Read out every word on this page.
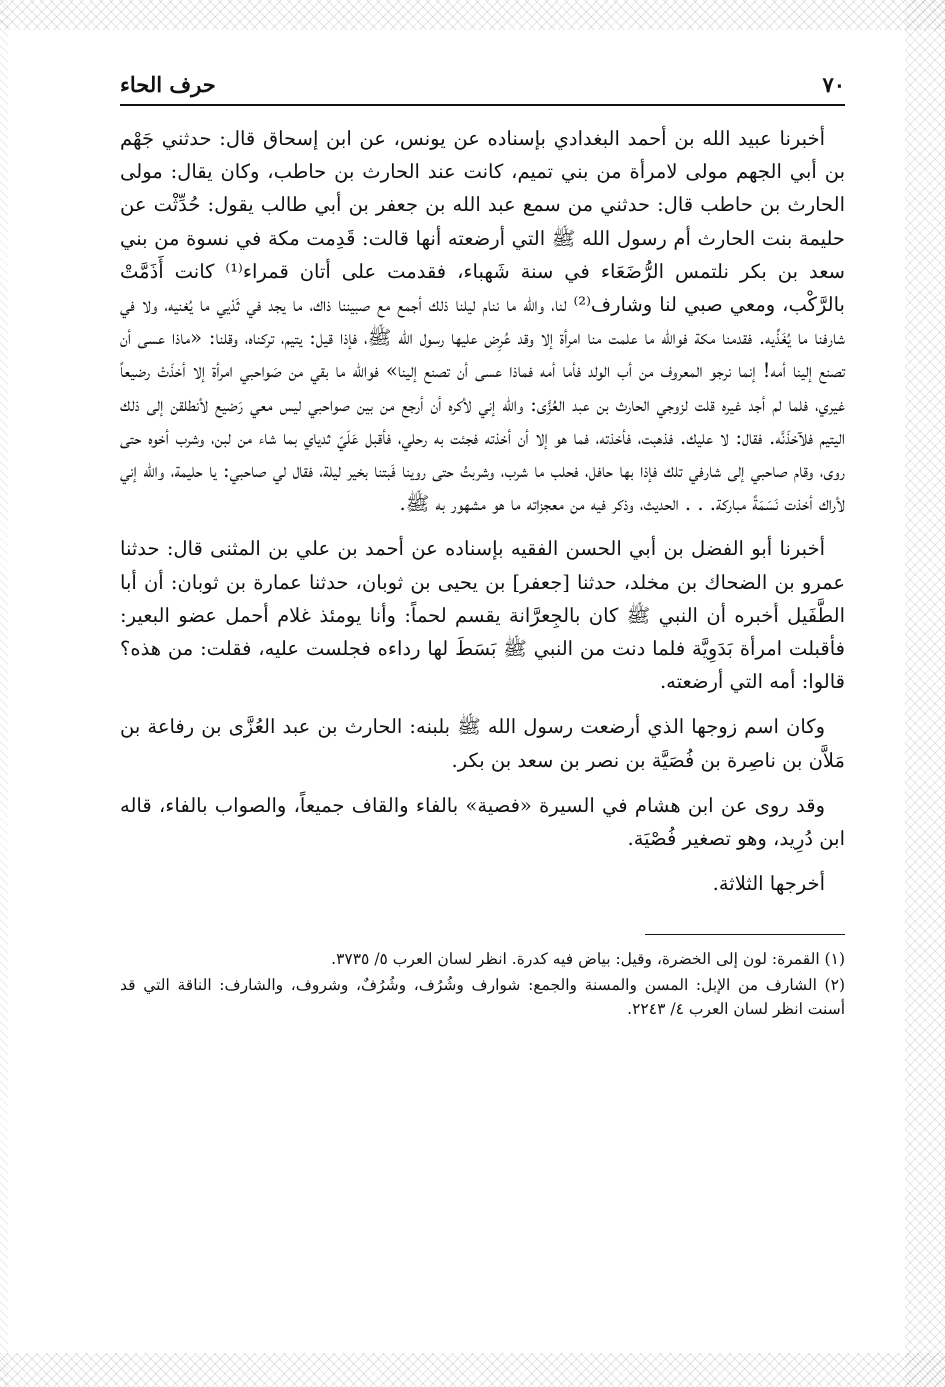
٧٠
حرف الحاء

أخبرنا عبيد الله بن أحمد البغدادي بإسناده عن يونس، عن ابن إسحاق قال: حدثني جَهْم بن أبي الجهم مولى لامرأة من بني تميم، كانت عند الحارث بن حاطب، وكان يقال: مولى الحارث بن حاطب قال: حدثني من سمع عبد الله بن جعفر بن أبي طالب يقول: حُدِّثْت عن حليمة بنت الحارث أم رسول الله ﷺ التي أرضعته أنها قالت: قَدِمت مكة في نسوة من بني سعد بن بكر نلتمس الرُّضَعَاء في سنة شَهباء، فقدمت على أتان قمراء⁽¹⁾ كانت أَذَمَّتْ بالرَّكْب، ومعي صبي لنا وشارف⁽²⁾ لنا، والله ما ننام ليلنا ذلك أجمع مع صبيننا ذاك، ما يجد في ثَدْيي ما يُغنيه، ولا في شارفنا ما يُغَذِّيه. فقدمنا مكة فوالله ما علمت منا امرأة إلا وقد عُرِض عليها رسول الله ﷺ، فإذا قيل: يتيم، تركناه، وقلنا: «ماذا عسى أن تصنع إلينا أمه! إنما نرجو المعروف من أب الولد فأما أمه فماذا عسى أن تصنع إلينا» فوالله ما بقي من صَواحبي امرأة إلا أخذَتْ رضيعاً غيري، فلما لم أجد غيره قلت لزوجي الحارث بن عبد العُزَّى: والله إني لأكره أن أرجع من بين صواحبي ليس معي رَضيع لأنطلقن إلى ذلك اليتيم فلآخذَنَّه. فقال: لا عليك. فذهبت، فأخذته، فما هو إلا أن أخذته فجئت به رحلي، فأقبل عَلَيّ ثدياي بما شاء من لبن، وشرب أخوه حتى روى، وقام صاحبي إلى شارفي تلك فإذا بها حافل، فحلب ما شرب، وشربتُ حتى روينا فَبتنا بخير ليلة، فقال لي صاحبي: يا حليمة، والله إني لأراك أخذت نَسَمَةً مباركة. . . الحديث، وذكر فيه من معجزاته ما هو مشهور به ﷺ.

أخبرنا أبو الفضل بن أبي الحسن الفقيه بإسناده عن أحمد بن علي بن المثنى قال: حدثنا عمرو بن الضحاك بن مخلد، حدثنا [جعفر] بن يحيى بن ثوبان، حدثنا عمارة بن ثوبان: أن أبا الطَّفَيل أخبره أن النبي ﷺ كان بالجِعرَّانة يقسم لحماً: وأنا يومئذ غلام أحمل عضو البعير: فأقبلت امرأة بَدَوِيَّة فلما دنت من النبي ﷺ بَسَطَ لها رداءه فجلست عليه، فقلت: من هذه؟ قالوا: أمه التي أرضعته.

وكان اسم زوجها الذي أرضعت رسول الله ﷺ بلبنه: الحارث بن عبد العُزَّى بن رفاعة بن مَلاَّن بن ناصِرة بن فُصَيَّة بن نصر بن سعد بن بكر.

وقد روى عن ابن هشام في السيرة «فصية» بالفاء والقاف جميعاً، والصواب بالفاء، قاله ابن دُرِيد، وهو تصغير فُصْيَة.

أخرجها الثلاثة.

(١) القمرة: لون إلى الخضرة، وقيل: بياض فيه كدرة. انظر لسان العرب ٥/ ٣٧٣٥.

(٢) الشارف من الإبل: المسن والمسنة والجمع: شوارف وشُرُف، وشُرُفٌ، وشروف، والشارف: الناقة التي قد أسنت انظر لسان العرب ٤/ ٢٢٤٣.
